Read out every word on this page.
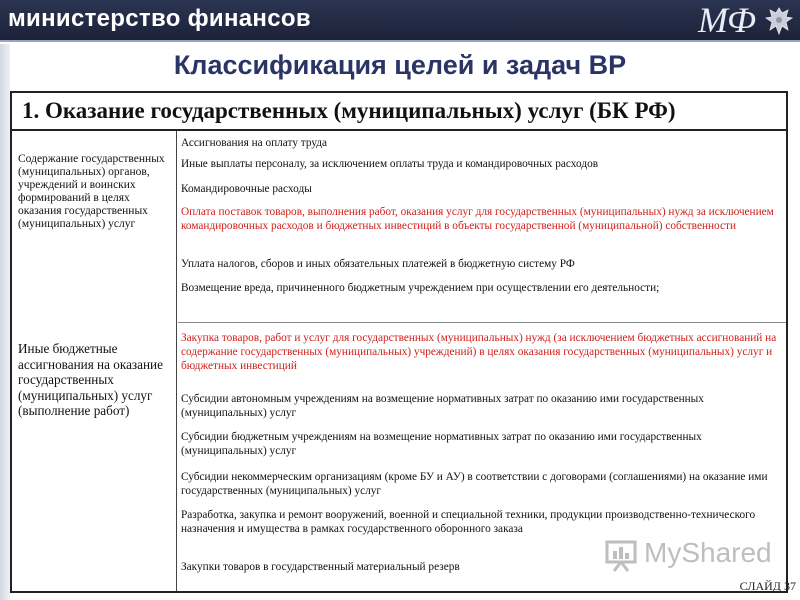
министерство финансов	МФ
Классификация целей и задач ВР
1. Оказание государственных (муниципальных) услуг (БК РФ)
Содержание государственных (муниципальных) органов, учреждений и воинских формирований в целях оказания государственных (муниципальных) услуг
Иные бюджетные ассигнования на оказание государственных (муниципальных) услуг (выполнение работ)
Ассигнования на оплату труда
Иные выплаты персоналу, за исключением оплаты труда и командировочных расходов
Командировочные расходы
Оплата поставок товаров, выполнения работ, оказания услуг для государственных (муниципальных) нужд за исключением командировочных расходов и бюджетных инвестиций в объекты государственной (муниципальной) собственности
Уплата налогов, сборов и иных обязательных платежей в бюджетную систему РФ
Возмещение вреда, причиненного бюджетным учреждением при осуществлении его деятельности;
Закупка товаров, работ и услуг для государственных (муниципальных) нужд (за исключением бюджетных ассигнований на содержание государственных (муниципальных) учреждений) в целях оказания государственных (муниципальных) услуг и бюджетных инвестиций
Субсидии автономным учреждениям на возмещение нормативных затрат по оказанию ими государственных (муниципальных) услуг
Субсидии бюджетным учреждениям на возмещение нормативных затрат по оказанию ими государственных (муниципальных) услуг
Субсидии некоммерческим организациям (кроме БУ и АУ) в соответствии с договорами (соглашениями) на оказание ими государственных (муниципальных) услуг
Разработка, закупка и ремонт вооружений, военной и специальной техники, продукции производственно-технического назначения и имущества в рамках государственного оборонного заказа
Закупки товаров в государственный материальный резерв	MyShared
СЛАЙД 37
